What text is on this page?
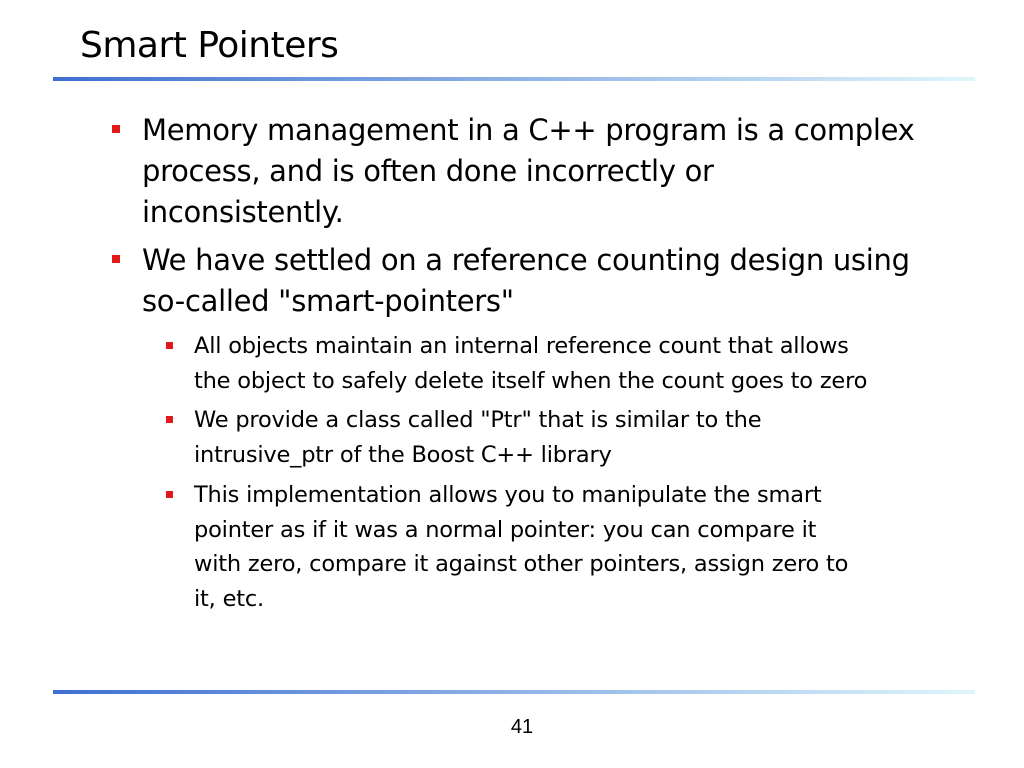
Smart Pointers
Memory management in a C++ program is a complex
process, and is often done incorrectly or
inconsistently.
We have settled on a reference counting design using
so-called "smart-pointers"
All objects maintain an internal reference count that allows
the object to safely delete itself when the count goes to zero
We provide a class called "Ptr" that is similar to the
intrusive_ptr of the Boost C++ library
This implementation allows you to manipulate the smart
pointer as if it was a normal pointer: you can compare it
with zero, compare it against other pointers, assign zero to
it, etc.
41
